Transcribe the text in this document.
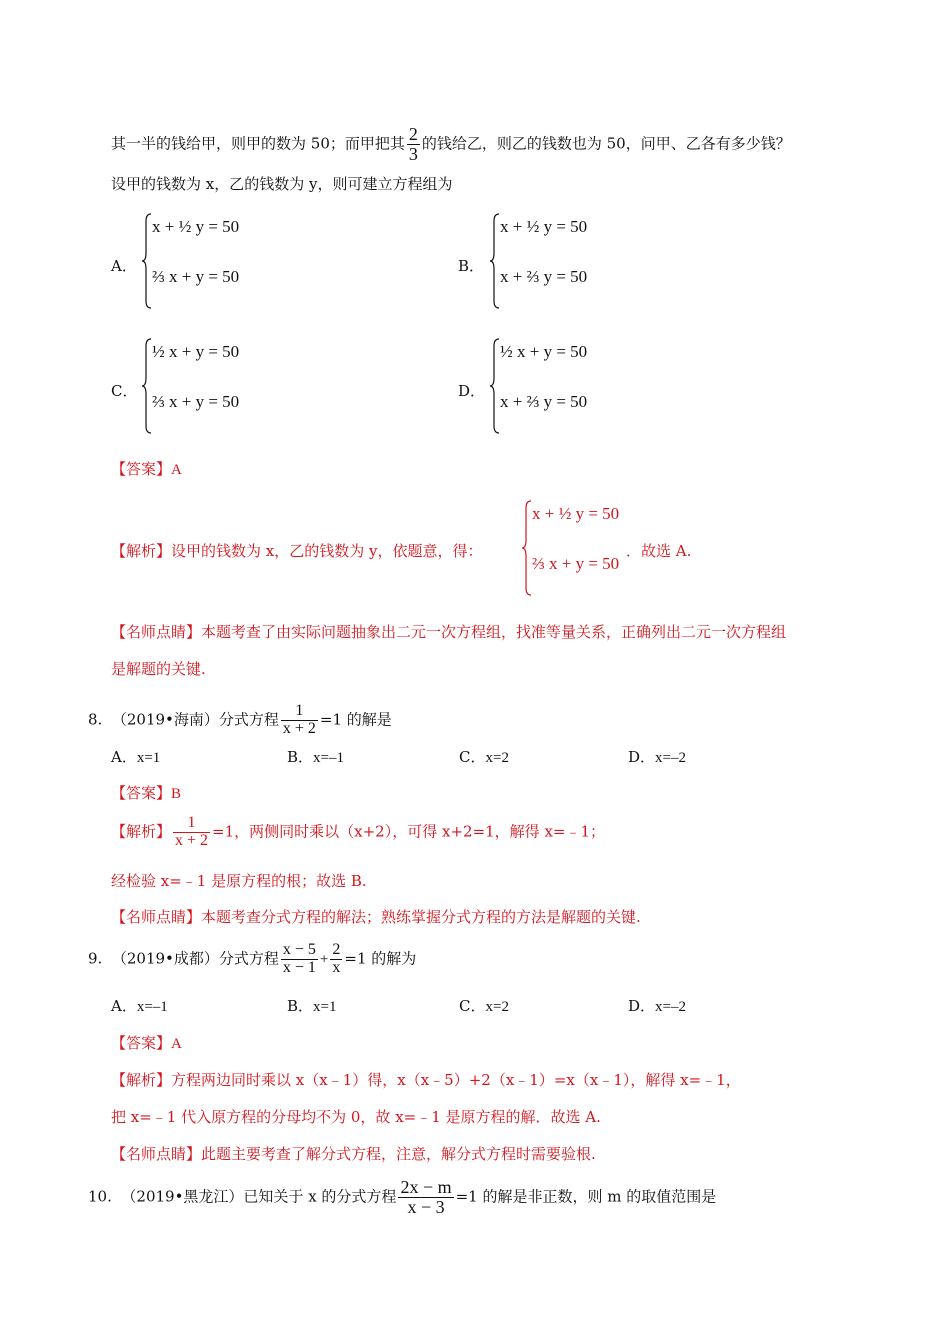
其一半的钱给甲，则甲的数为 50；而甲把其 $\frac{2}{3}$ 的钱给乙，则乙的钱数也为 50，问甲、乙各有多少钱？
设甲的钱数为 x，乙的钱数为 y，则可建立方程组为
A．
x + ½ y = 50
⅔ x + y = 50
B．
x + ½ y = 50
x + ⅔ y = 50
C．
½ x + y = 50
⅔ x + y = 50
D．
½ x + y = 50
x + ⅔ y = 50
【答案】A
【解析】设甲的钱数为 x，乙的钱数为 y，依题意，得：
x + ½ y = 50
⅔ x + y = 50
．故选 A.
【名师点睛】本题考查了由实际问题抽象出二元一次方程组，找准等量关系，正确列出二元一次方程组
是解题的关键.
8. （2019•海南）分式方程 $\frac{1}{x + 2} =1$ 的解是
A．x=1	B．x=–1	C．x=2	D．x=–2
【答案】B
【解析】 $\frac{1}{x + 2} =1$，两侧同时乘以（x+2），可得 x+2=1，解得 x=﹣1；
经检验 x=﹣1 是原方程的根；故选 B.
【名师点睛】本题考查分式方程的解法；熟练掌握分式方程的方法是解题的关键.
9. （2019•成都）分式方程 $\frac{x - 5}{x - 1} + \frac{2}{x} =1$ 的解为
A．x=–1	B．x=1	C．x=2	D．x=–2
【答案】A
【解析】方程两边同时乘以 x（x﹣1）得，x（x﹣5）+2（x﹣1）=x（x﹣1），解得 x=﹣1，
把 x=﹣1 代入原方程的分母均不为 0，故 x=﹣1 是原方程的解．故选 A.
【名师点睛】此题主要考查了解分式方程，注意，解分式方程时需要验根.
10. （2019•黑龙江）已知关于 x 的分式方程 $\frac{2x - m}{x - 3} =1$ 的解是非正数，则 m 的取值范围是
